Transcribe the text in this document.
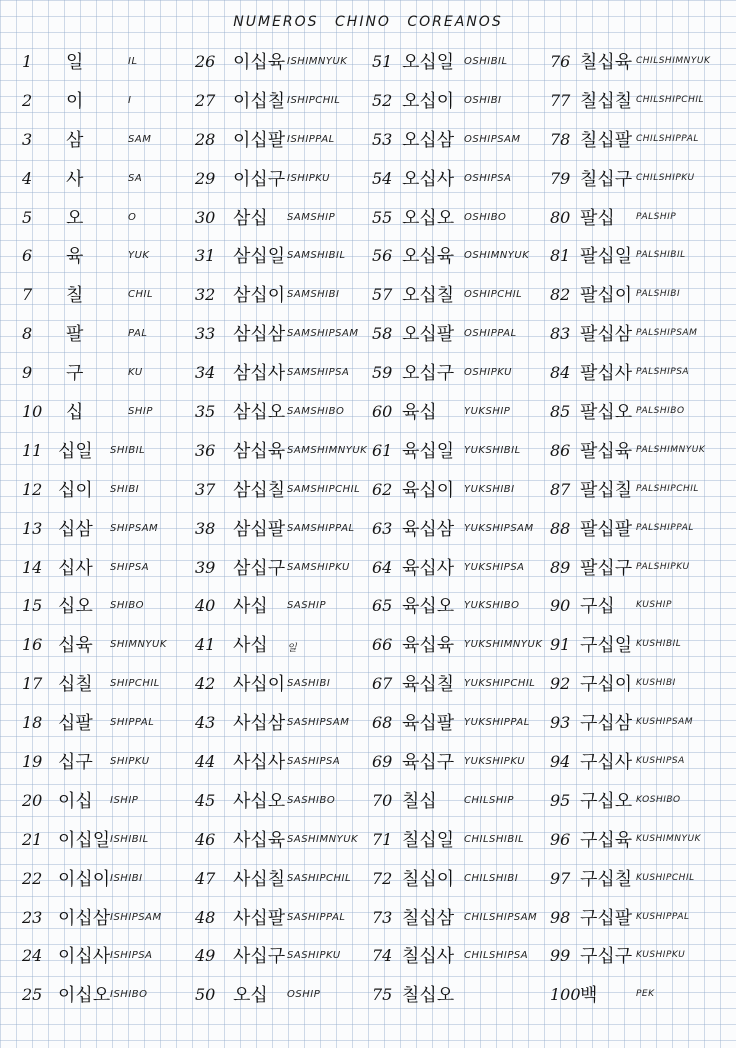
NUMEROS CHINO COREANOS
1 일	IL
2 이	I
3 삼	SAM
4 사	SA
5 오	O
6 육	YUK
7 칠	CHIL
8 팔	PAL
9 구	KU
10 십	SHIP
11 십일 SHIBIL
12 십이 SHIBI
13 십삼 SHIPSAM
14 십사 SHIPSA
15 십오 SHIBO
16 십육 SHIMNYUK
17 십칠 SHIPCHIL
18 십팔 SHIPPAL
19 십구 SHIPKU
20 이십 ISHIP
21 이십일 ISHIBIL
22 이십이 ISHIBI
23 이십삼 ISHIPSAM
24 이십사 ISHIPSA
25 이십오 ISHIBO
26 이십육 ISHIMNYUK
27 이십칠 ISHIPCHIL
28 이십팔 ISHIPPAL
29 이십구 ISHIPKU
30 삼십 SAMSHIP
31 삼십일 SAMSHIBIL
32 삼십이 SAMSHIBI
33 삼십삼 SAMSHIPSAM
34 삼십사 SAMSHIPSA
35 삼십오 SAMSHIBO
36 삼십육 SAMSHIMNYUK
37 삼십칠 SAMSHIPCHIL
38 삼십팔 SAMSHIPPAL
39 삼십구 SAMSHIPKU
40 사십 SASHIP
41 사십 일
42 사십이 SASHIBI
43 사십삼 SASHIPSAM
44 사십사 SASHIPSA
45 사십오 SASHIBO
46 사십육 SASHIMNYUK
47 사십칠 SASHIPCHIL
48 사십팔 SASHIPPAL
49 사십구 SASHIPKU
50 오십 OSHIP
51 오십일 OSHIBIL
52 오십이 OSHIBI
53 오십삼 OSHIPSAM
54 오십사 OSHIPSA
55 오십오 OSHIBO
56 오십육 OSHIMNYUK
57 오십칠 OSHIPCHIL
58 오십팔 OSHIPPAL
59 오십구 OSHIPKU
60 육십	YUKSHIP
61 육십일 YUKSHIBIL
62 육십이 YUKSHIBI
63 육십삼 YUKSHIPSAM
64 육십사 YUKSHIPSA
65 육십오 YUKSHIBO
66 육십육 YUKSHIMNYUK
67 육십칠 YUKSHIPCHIL
68 육십팔 YUKSHIPPAL
69 육십구 YUKSHIPKU
70 칠십	CHILSHIP
71 칠십일 CHILSHIBIL
72 칠십이 CHILSHIBI
73 칠십삼 CHILSHIPSAM
74 칠십사 CHILSHIPSA
75 칠십오
76 칠십육 CHILSHIMNYUK
77 칠십칠 CHILSHIPCHIL
78 칠십팔 CHILSHIPPAL
79 칠십구 CHILSHIPKU
80 팔십 PALSHIP
81 팔십일 PALSHIBIL
82 팔십이 PALSHIBI
83 팔십삼 PALSHIPSAM
84 팔십사 PALSHIPSA
85 팔십오 PALSHIBO
86 팔십육 PALSHIMNYUK
87 팔십칠 PALSHIPCHIL
88 팔십팔 PALSHIPPAL
89 팔십구 PALSHIPKU
90 구십 KUSHIP
91 구십일 KUSHIBIL
92 구십이 KUSHIBI
93 구십삼 KUSHIPSAM
94 구십사 KUSHIPSA
95 구십오 KOSHIBO
96 구십육 KUSHIMNYUK
97 구십칠 KUSHIPCHIL
98 구십팔 KUSHIPPAL
99 구십구 KUSHIPKU
100 백	PEK
